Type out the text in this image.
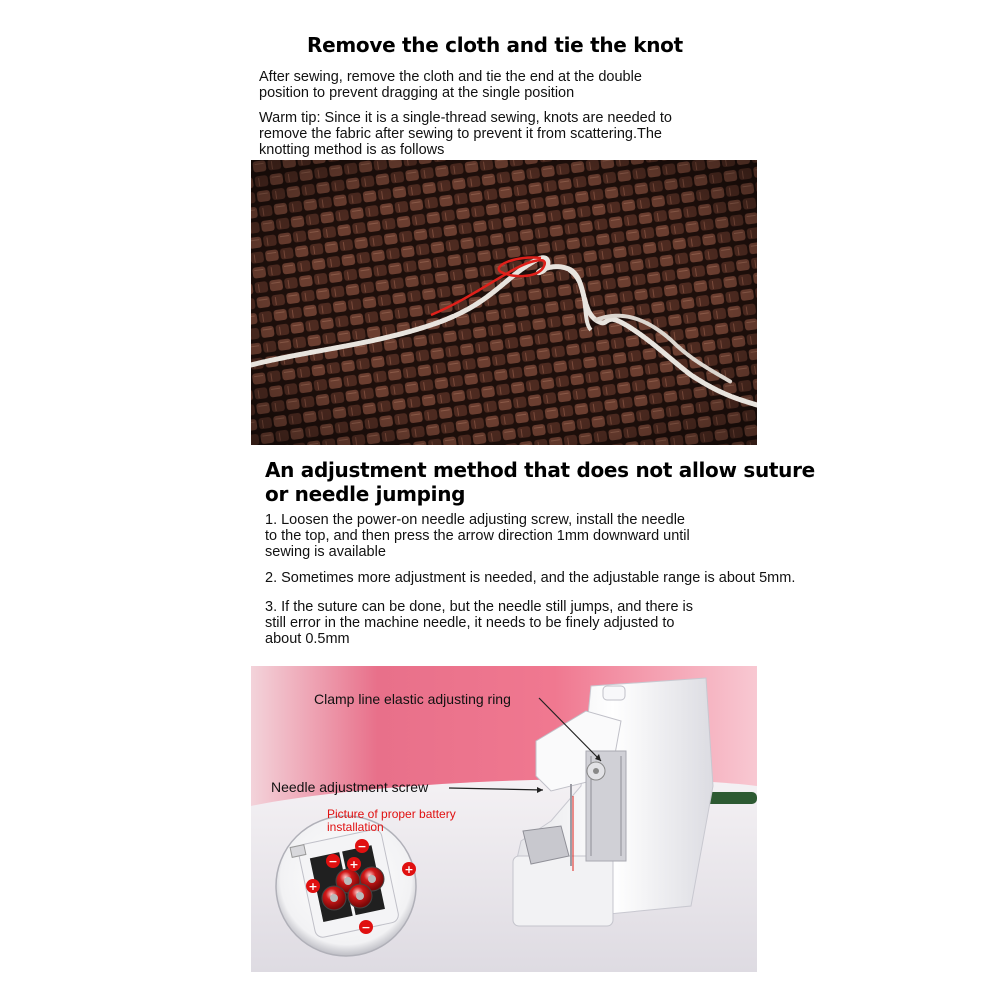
Remove the cloth and tie the knot
After sewing, remove the cloth and tie the end at the double
position to prevent dragging at the single position
Warm tip: Since it is a single-thread sewing, knots are needed to
remove the fabric after sewing to prevent it from scattering.The
knotting method is as follows
An adjustment method that does not allow suture
or needle jumping
1. Loosen the power-on needle adjusting screw, install the needle
to the top, and then press the arrow direction 1mm downward until
sewing is available
2. Sometimes more adjustment is needed, and the adjustable range is about 5mm.
3. If the suture can be done, but the needle still jumps, and there is
still error in the machine needle, it needs to be finely adjusted to
about 0.5mm
−
−
−
+
+	+
Clamp line elastic adjusting ring
Needle adjustment screw
Picture of proper battery
installation
